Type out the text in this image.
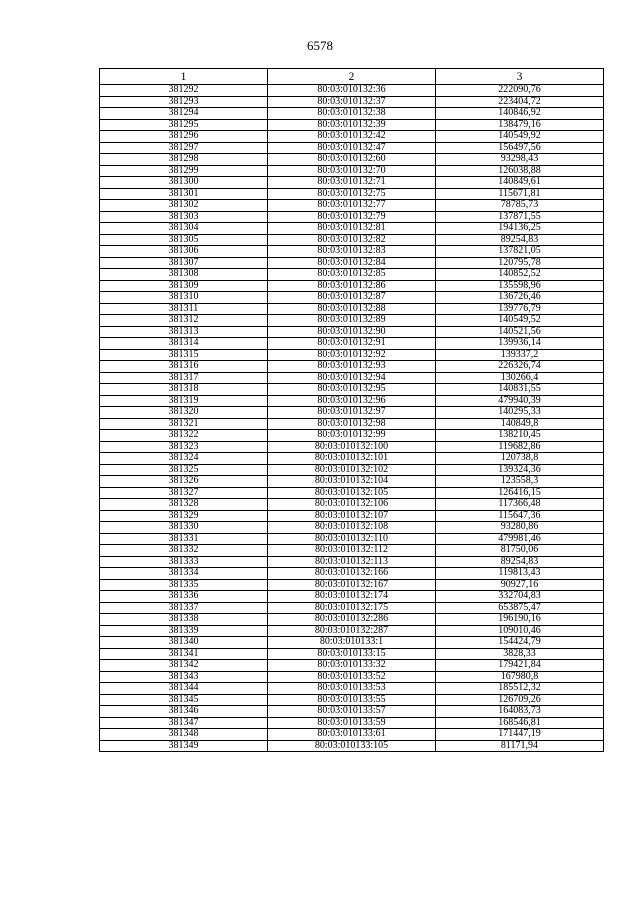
6578
1	2	3
381292	80:03:010132:36	222090,76
381293	80:03:010132:37	223404,72
381294	80:03:010132:38	140846,92
381295	80:03:010132:39	138479,16
381296	80:03:010132:42	140549,92
381297	80:03:010132:47	156497,56
381298	80:03:010132:60	93298,43
381299	80:03:010132:70	126038,88
381300	80:03:010132:71	140849,61
381301	80:03:010132:75	115671,81
381302	80:03:010132:77	78785,73
381303	80:03:010132:79	137871,55
381304	80:03:010132:81	194136,25
381305	80:03:010132:82	89254,83
381306	80:03:010132:83	137821,05
381307	80:03:010132:84	120795,78
381308	80:03:010132:85	140852,52
381309	80:03:010132:86	135598,96
381310	80:03:010132:87	136726,46
381311	80:03:010132:88	139776,79
381312	80:03:010132:89	140549,52
381313	80:03:010132:90	140521,56
381314	80:03:010132:91	139936,14
381315	80:03:010132:92	139337,2
381316	80:03:010132:93	226326,74
381317	80:03:010132:94	130266,4
381318	80:03:010132:95	140831,55
381319	80:03:010132:96	479940,39
381320	80:03:010132:97	140295,33
381321	80:03:010132:98	140849,8
381322	80:03:010132:99	138210,45
381323	80:03:010132:100	119682,86
381324	80:03:010132:101	120738,8
381325	80:03:010132:102	139324,36
381326	80:03:010132:104	123558,3
381327	80:03:010132:105	126416,15
381328	80:03:010132:106	117366,48
381329	80:03:010132:107	115647,36
381330	80:03:010132:108	93280,86
381331	80:03:010132:110	479981,46
381332	80:03:010132:112	81750,06
381333	80:03:010132:113	89254,83
381334	80:03:010132:166	119813,43
381335	80:03:010132:167	90927,16
381336	80:03:010132:174	332704,83
381337	80:03:010132:175	653875,47
381338	80:03:010132:286	196190,16
381339	80:03:010132:287	109010,46
381340	80:03:010133:1	154424,79
381341	80:03:010133:15	3828,33
381342	80:03:010133:32	179421,84
381343	80:03:010133:52	167980,8
381344	80:03:010133:53	185512,32
381345	80:03:010133:55	126709,26
381346	80:03:010133:57	164083,73
381347	80:03:010133:59	168546,81
381348	80:03:010133:61	171447,19
381349	80:03:010133:105	81171,94
